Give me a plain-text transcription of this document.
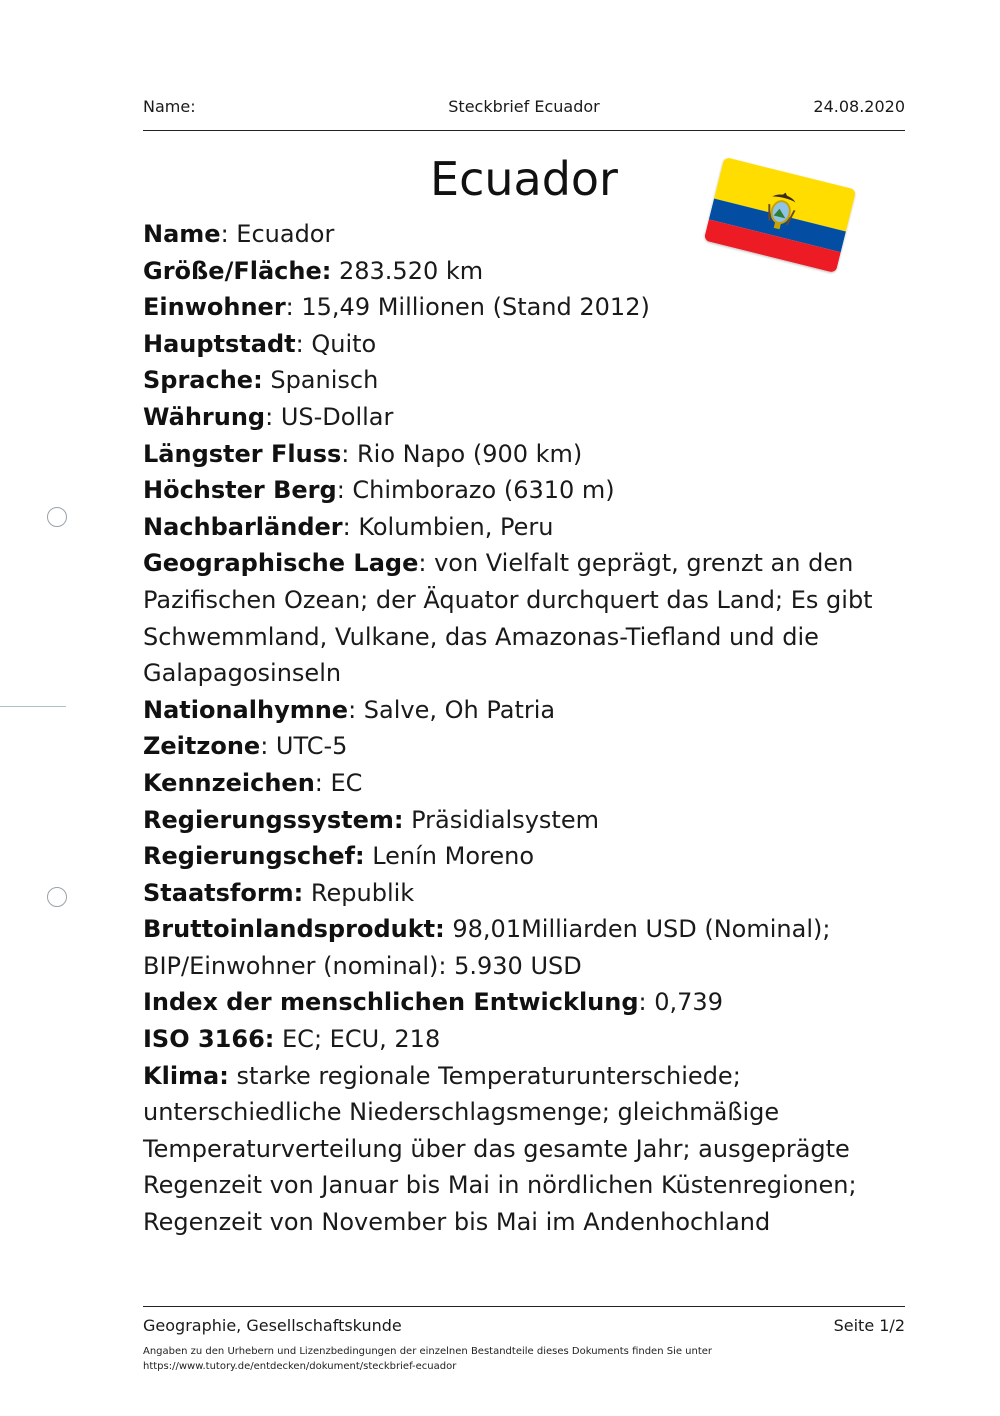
Name:	Steckbrief Ecuador	24.08.2020
Ecuador

Name: Ecuador

Größe/Fläche: 283.520 km

Einwohner: 15,49 Millionen (Stand 2012)

Hauptstadt: Quito

Sprache: Spanisch

Währung: US-Dollar

Längster Fluss: Rio Napo (900 km)

Höchster Berg: Chimborazo (6310 m)

Nachbarländer: Kolumbien, Peru

Geographische Lage: von Vielfalt geprägt, grenzt an den Pazifischen Ozean; der Äquator durchquert das Land; Es gibt Schwemmland, Vulkane, das Amazonas-Tiefland und die Galapagosinseln

Nationalhymne: Salve, Oh Patria

Zeitzone: UTC-5

Kennzeichen: EC

Regierungssystem: Präsidialsystem

Regierungschef: Lenín Moreno

Staatsform: Republik

Bruttoinlandsprodukt: 98,01Milliarden USD (Nominal); BIP/Einwohner (nominal): 5.930 USD

Index der menschlichen Entwicklung: 0,739

ISO 3166: EC; ECU, 218

Klima: starke regionale Temperaturunterschiede; unterschiedliche Niederschlagsmenge; gleichmäßige Temperaturverteilung über das gesamte Jahr; ausgeprägte Regenzeit von Januar bis Mai in nördlichen Küstenregionen; Regenzeit von November bis Mai im Andenhochland

Geographie, Gesellschaftskunde	Seite 1/2
Angaben zu den Urhebern und Lizenzbedingungen der einzelnen Bestandteile dieses Dokuments finden Sie unter
https://www.tutory.de/entdecken/dokument/steckbrief-ecuador
